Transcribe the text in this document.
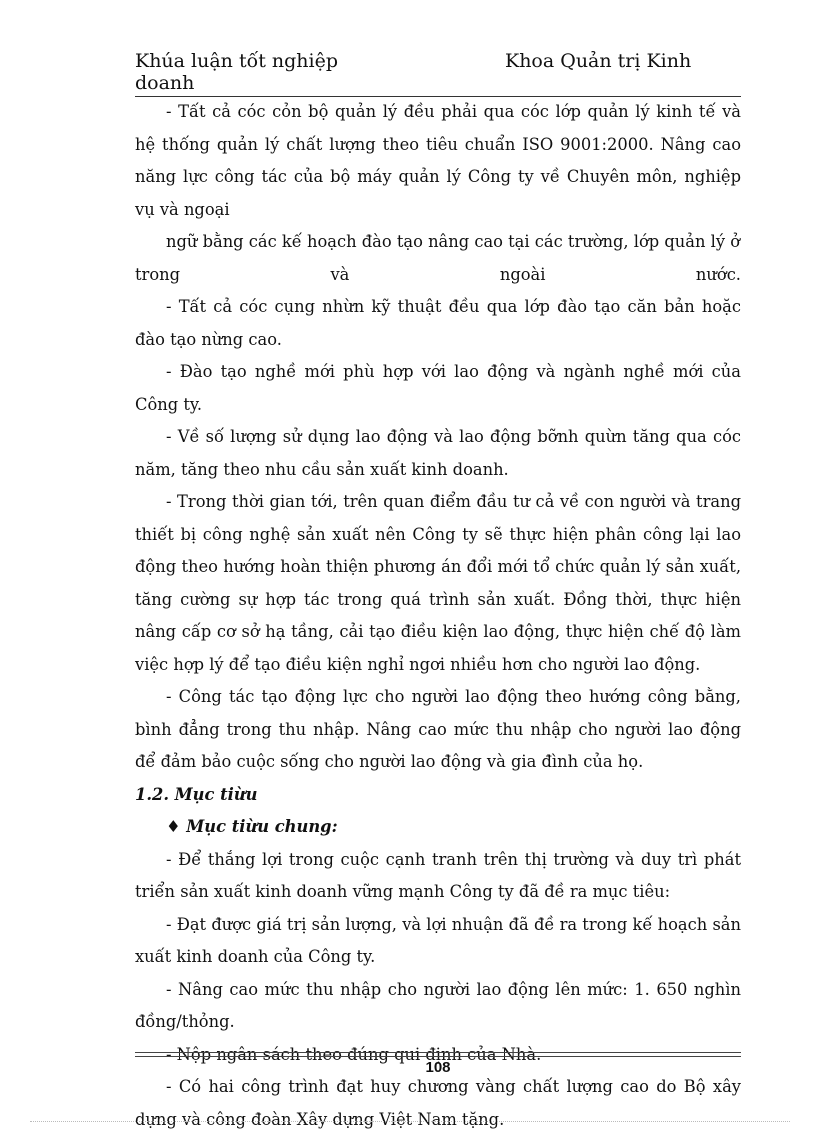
Khúa luận tốt nghiệp doanh
Khoa Quản trị Kinh

- Tất cả cóc cỏn bộ quản lý đều phải qua cóc lớp quản lý kinh tế và hệ thống quản lý chất lượng theo tiêu chuẩn ISO 9001:2000. Nâng cao năng lực công tác của bộ máy quản lý Công ty về Chuyên môn, nghiệp vụ và ngoại

ngữ bằng các kế hoạch đào tạo nâng cao tại các trường, lớp quản lý ở

trong và ngoài nước.

- Tất cả cóc cụng nhừn kỹ thuật đều qua lớp đào tạo căn bản hoặc đào tạo nừng cao.

- Đào tạo nghề mới phù hợp với lao động và ngành nghề mới của Công ty.

- Về số lượng sử dụng lao động và lao động bỡnh quừn tăng qua cóc năm, tăng theo nhu cầu sản xuất kinh doanh.

- Trong thời gian tới, trên quan điểm đầu tư cả về con người và trang thiết bị công nghệ sản xuất nên Công ty sẽ thực hiện phân công lại lao động theo hướng hoàn thiện phương án đổi mới tổ chức quản lý sản xuất, tăng cường sự hợp tác trong quá trình sản xuất. Đồng thời, thực hiện nâng cấp cơ sở hạ tầng, cải tạo điều kiện lao động, thực hiện chế độ làm việc hợp lý để tạo điều kiện nghỉ ngơi nhiều hơn cho người lao động.

- Công tác tạo động lực cho người lao động theo hướng công bằng, bình đẳng trong thu nhập. Nâng cao mức thu nhập cho người lao động để đảm bảo cuộc sống cho người lao động và gia đình của họ.

1.2. Mục tiừu

♦ Mục tiừu chung:

- Để thắng lợi trong cuộc cạnh tranh trên thị trường và duy trì phát triển sản xuất kinh doanh vững mạnh Công ty đã đề ra mục tiêu:

- Đạt được giá trị sản lượng, và lợi nhuận đã đề ra trong kế hoạch sản xuất kinh doanh của Công ty.

- Nâng cao mức thu nhập cho người lao động lên mức: 1. 650 nghìn đồng/thỏng.

- Nộp ngân sách theo đúng qui định của Nhà.

- Có hai công trình đạt huy chương vàng chất lượng cao do Bộ xây dựng và công đoàn Xây dựng Việt Nam tặng.

108
